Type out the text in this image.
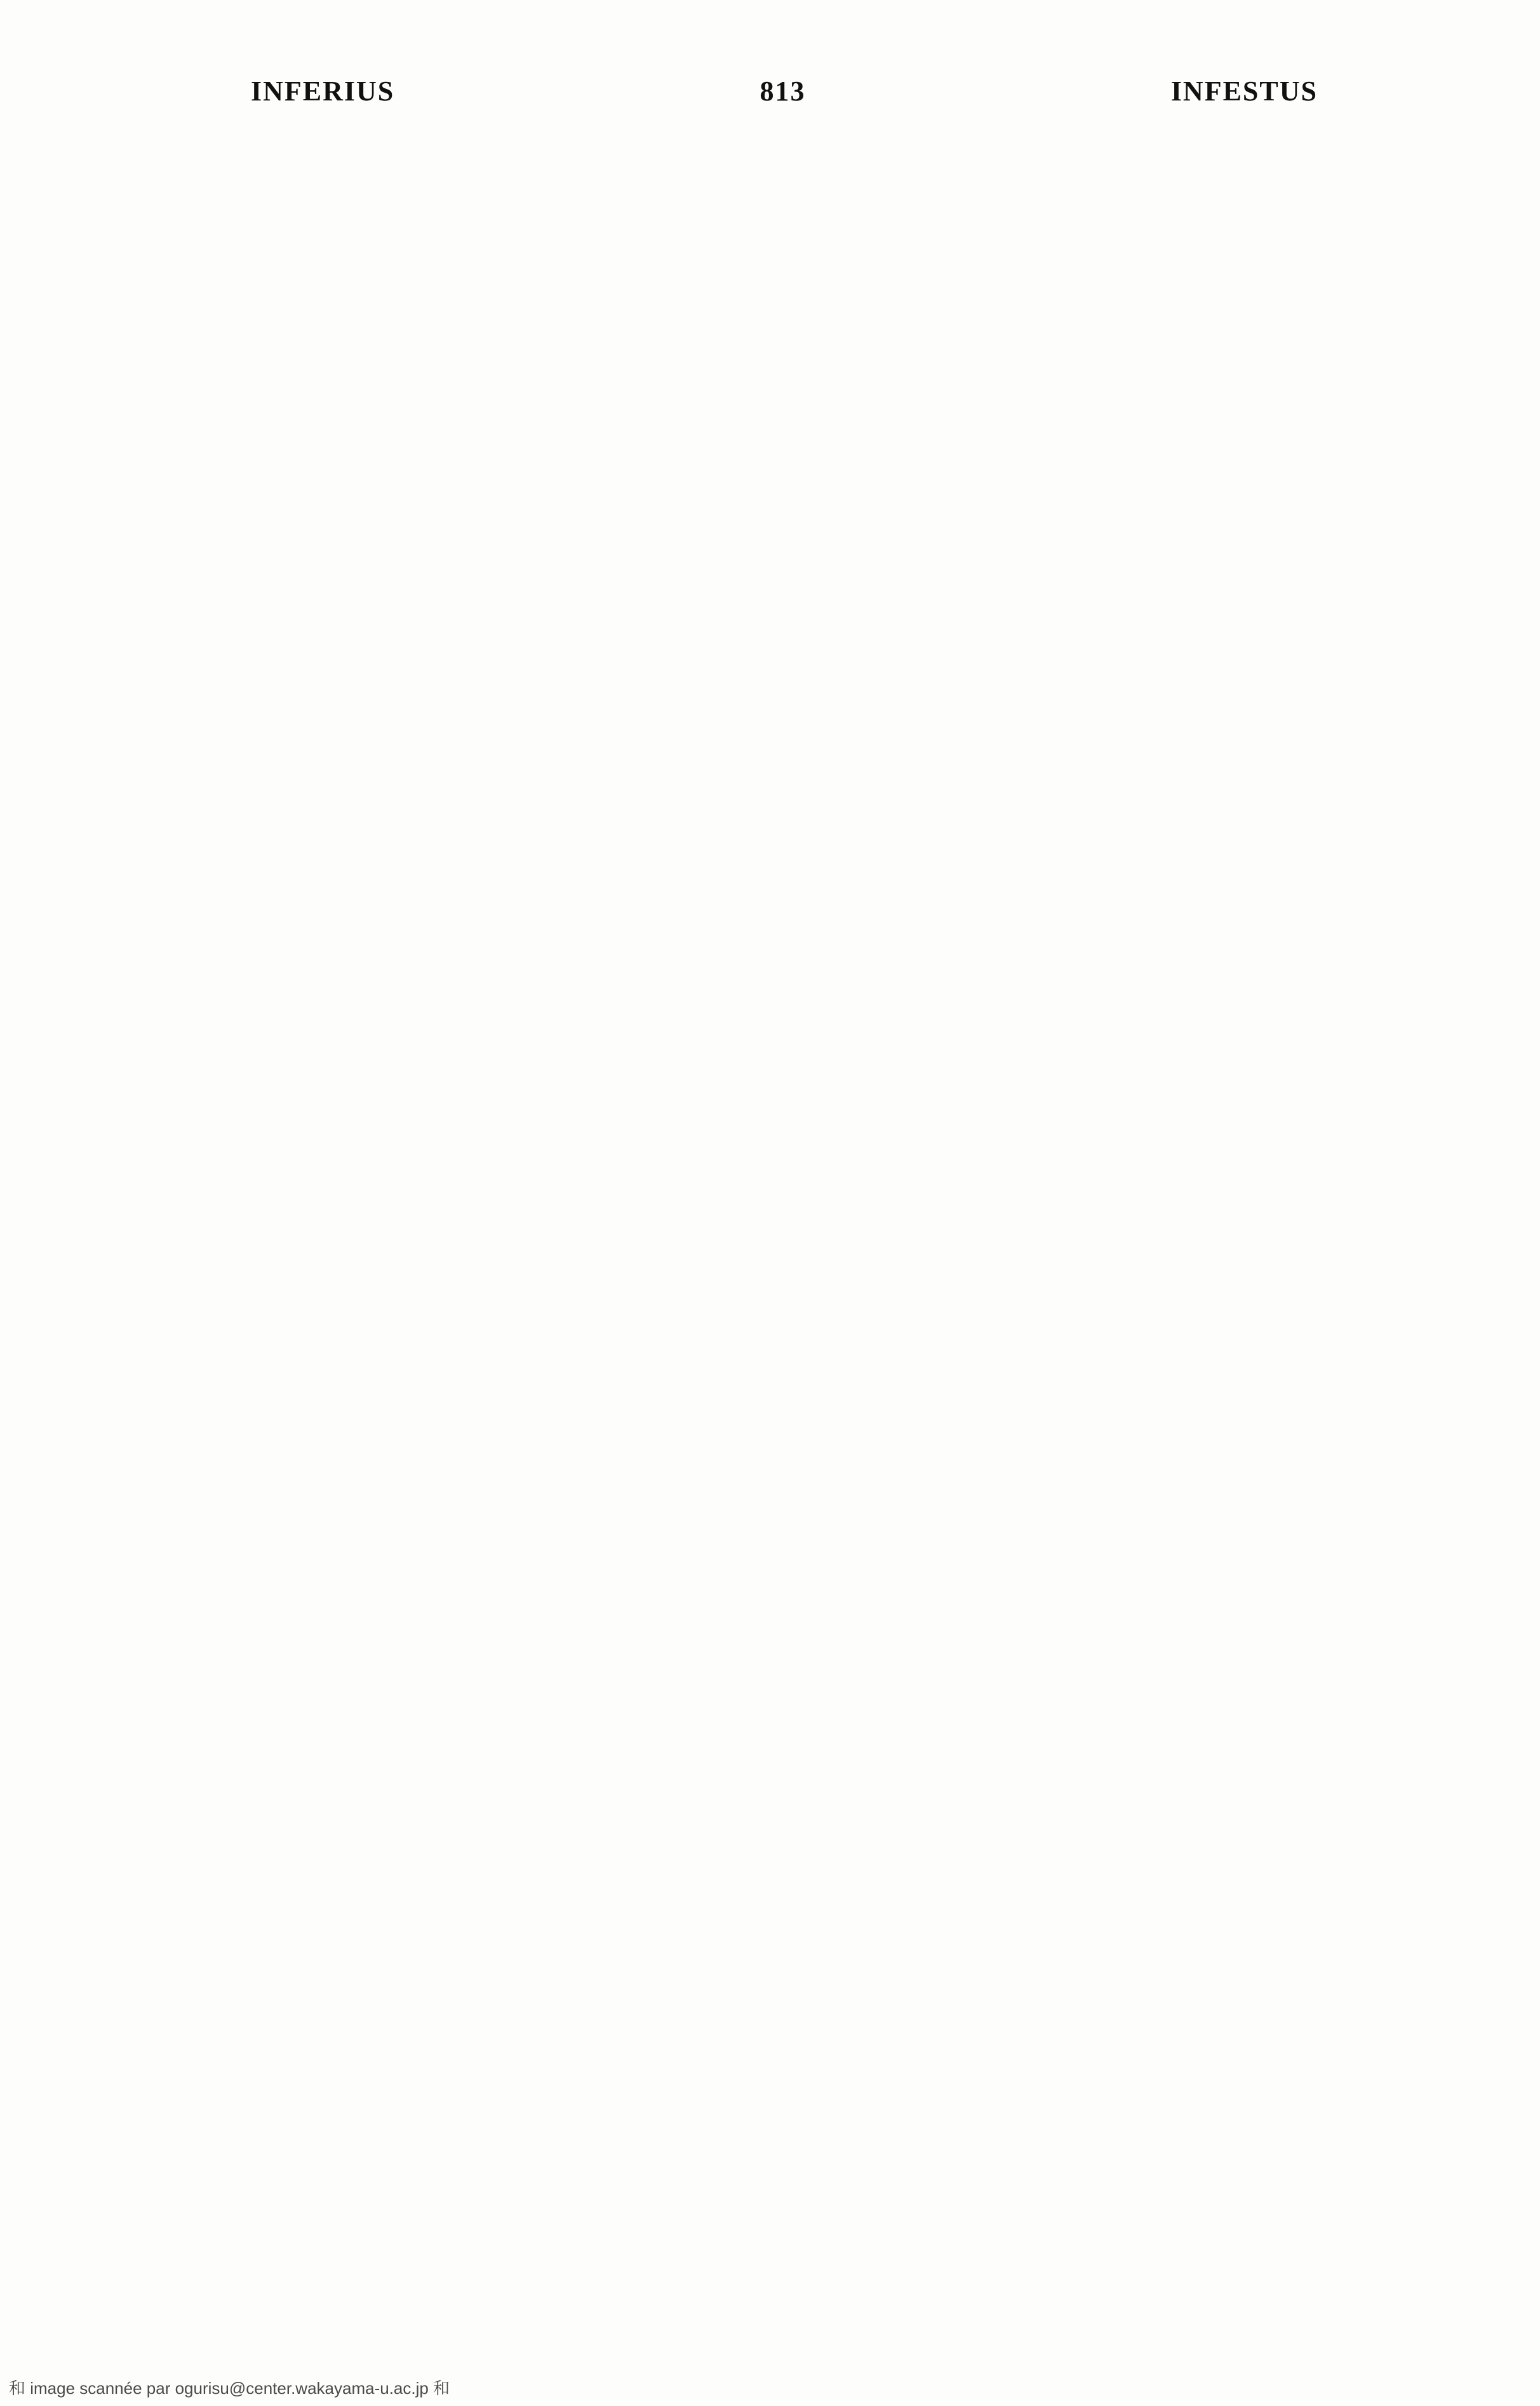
INFERIUS	813	INFESTUS
和 image scannée par ogurisu@center.wakayama-u.ac.jp 和
